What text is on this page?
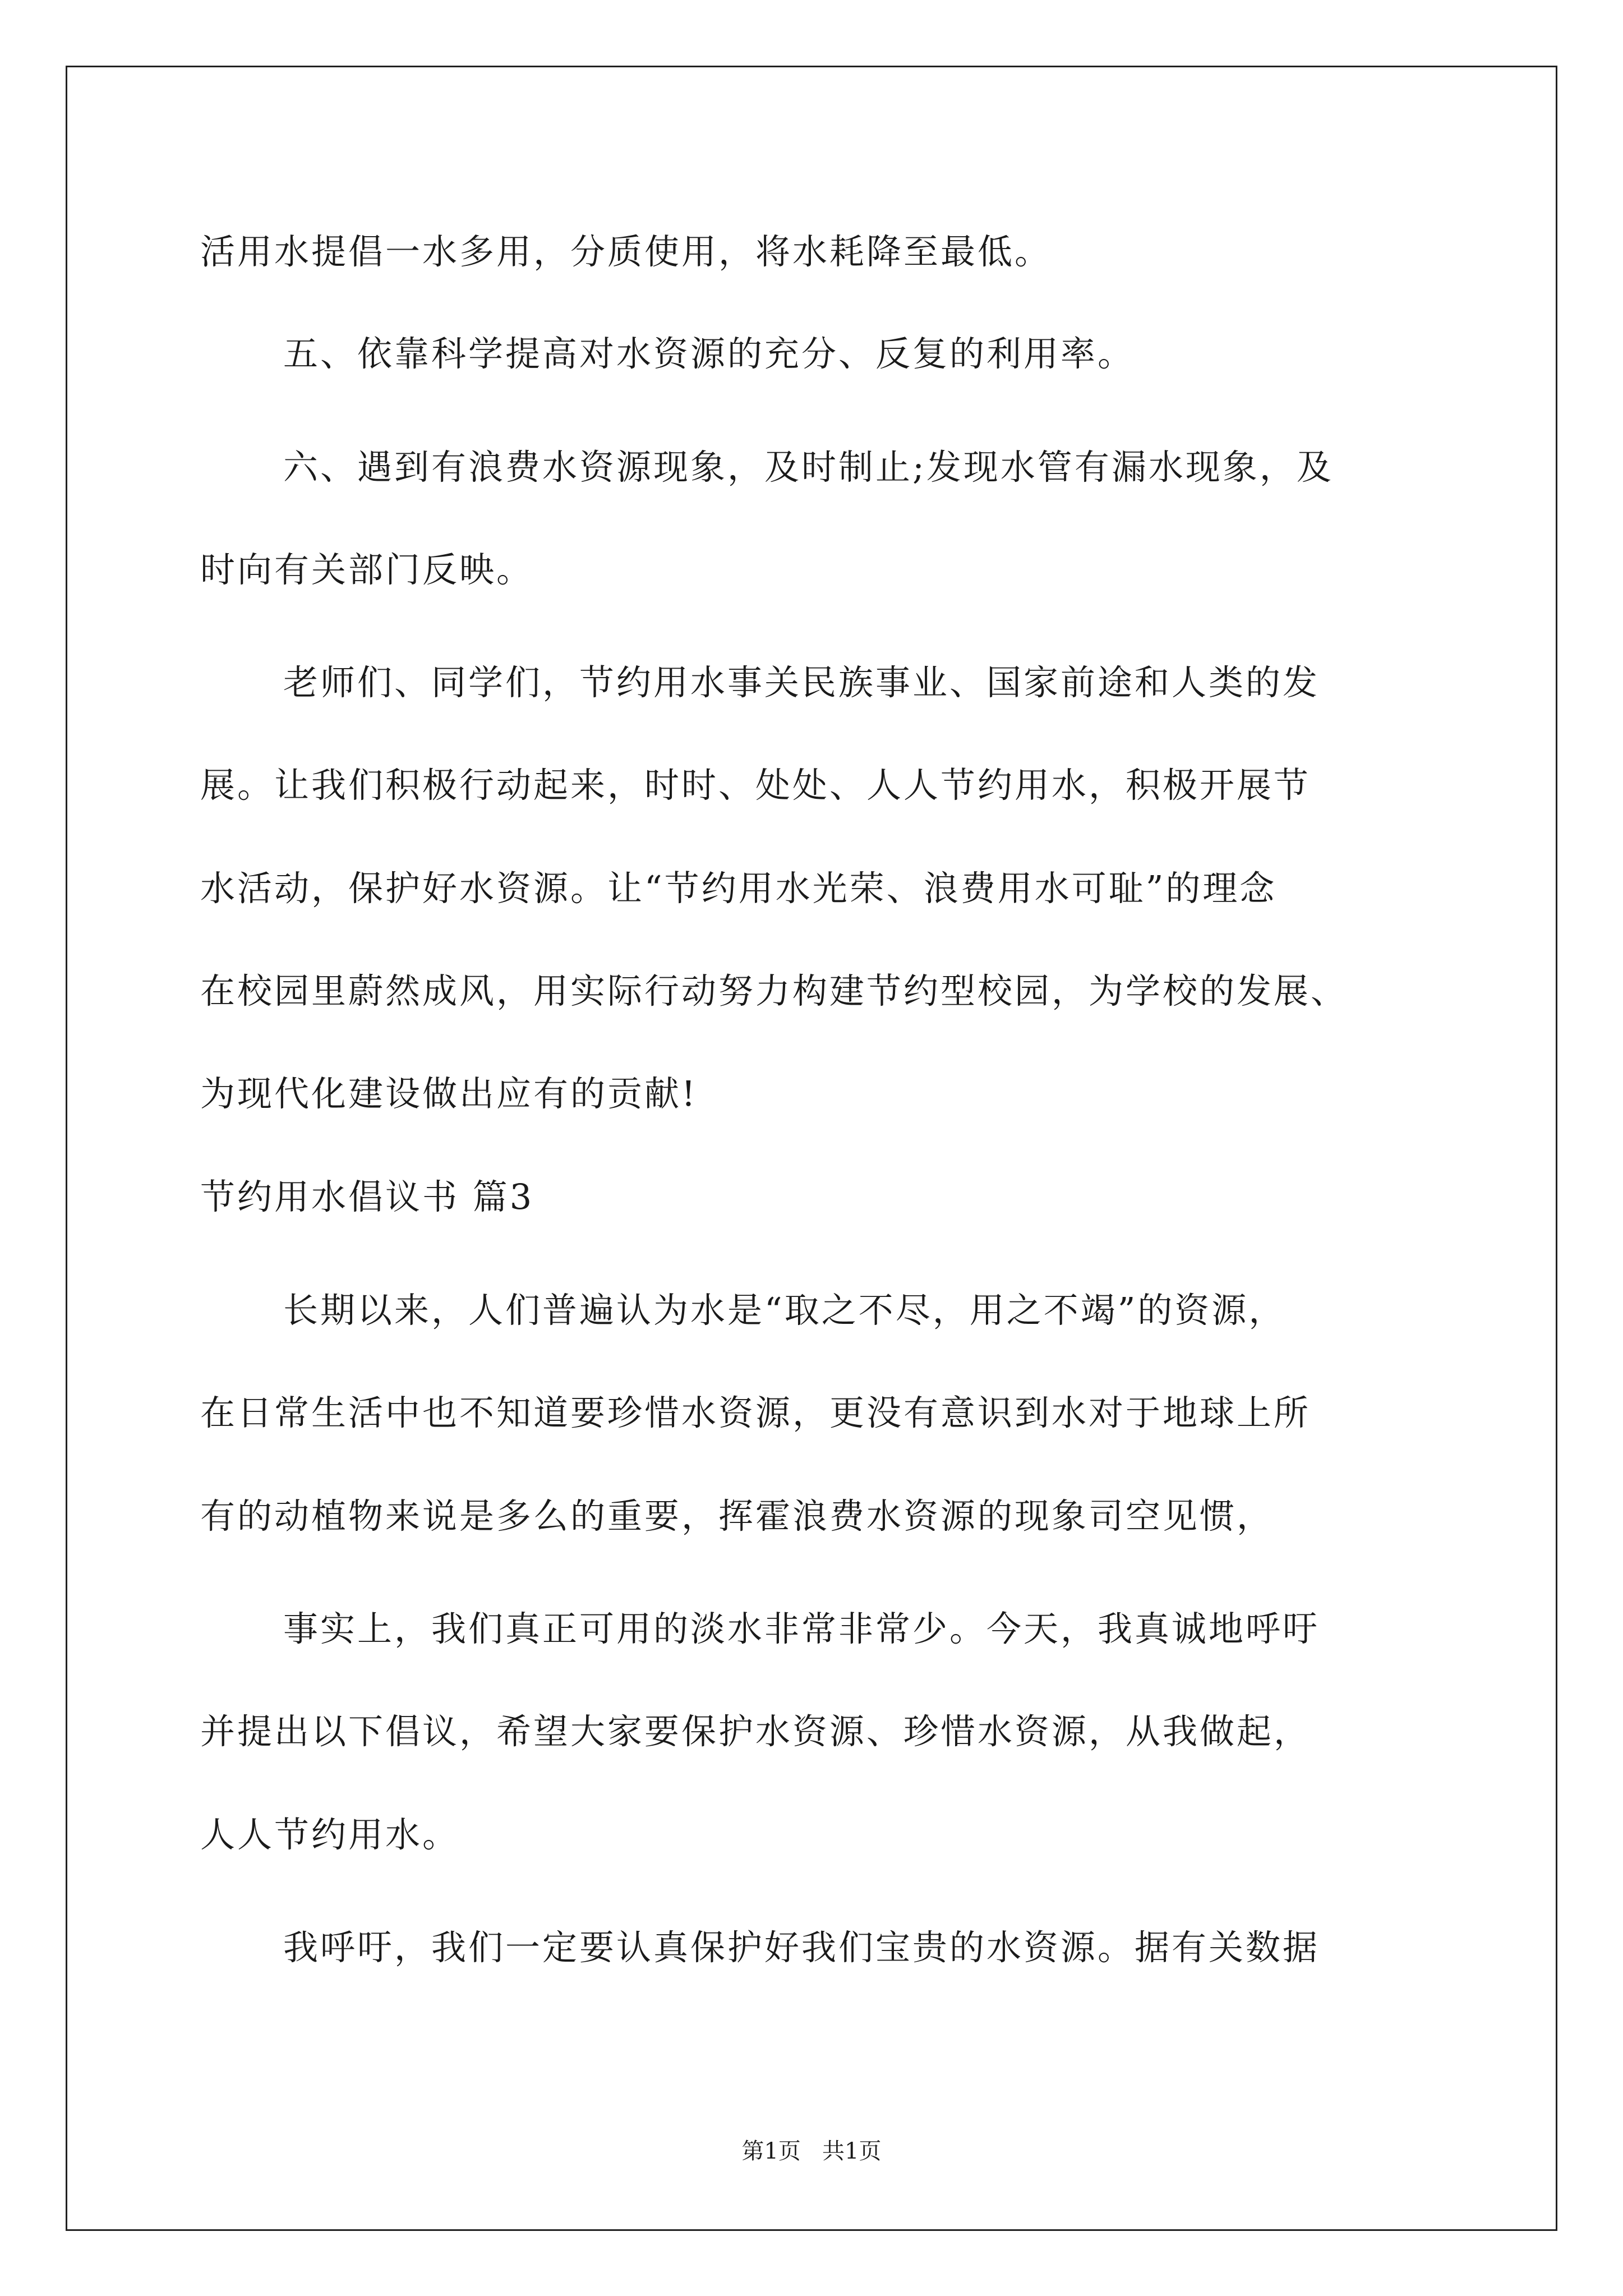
活用水提倡一水多用，分质使用，将水耗降至最低。
五、依靠科学提高对水资源的充分、反复的利用率。
六、遇到有浪费水资源现象，及时制止;发现水管有漏水现象，及
时向有关部门反映。
老师们、同学们，节约用水事关民族事业、国家前途和人类的发
展。让我们积极行动起来，时时、处处、人人节约用水，积极开展节
水活动，保护好水资源。让“节约用水光荣、浪费用水可耻”的理念
在校园里蔚然成风，用实际行动努力构建节约型校园，为学校的发展、
为现代化建设做出应有的贡献!
节约用水倡议书 篇3
长期以来，人们普遍认为水是“取之不尽，用之不竭”的资源，
在日常生活中也不知道要珍惜水资源，更没有意识到水对于地球上所
有的动植物来说是多么的重要，挥霍浪费水资源的现象司空见惯，
事实上，我们真正可用的淡水非常非常少。今天，我真诚地呼吁
并提出以下倡议，希望大家要保护水资源、珍惜水资源，从我做起，
人人节约用水。
我呼吁，我们一定要认真保护好我们宝贵的水资源。据有关数据
第1页   共1页
